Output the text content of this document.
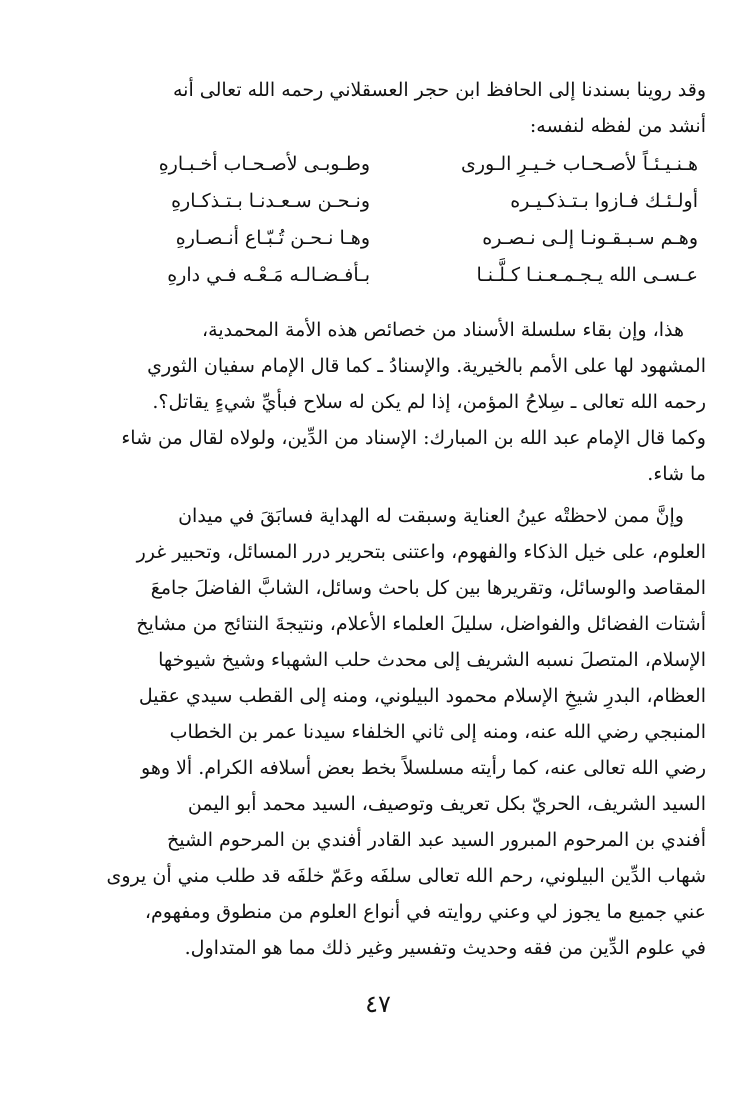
وقد روينا بسندنا إلى الحافظ ابن حجر العسقلاني رحمه الله تعالى أنه
أنشد من لفظه لنفسه:
هـنـيـئـاً لأصـحـاب خـيـرِ الـورى
وطـوبـى لأصـحـاب أخـبـارهِ
أولـئـك فـازوا بـتـذكـيـره
ونـحـن سـعـدنـا بـتـذكـارهِ
وهـم سـبـقـونـا إلـى نـصـره
وهـا نـحـن تُـبّـاع أنـصـارهِ
عـسـى الله يـجـمـعـنـا كـلَّـنـا
بـأفـضـالـه مَـعْـه فـي دارهِ
هذا، وإن بقاء سلسلة الأسناد من خصائص هذه الأمة المحمدية،
المشهود لها على الأمم بالخيرية. والإسنادُ ـ كما قال الإمام سفيان الثوري
رحمه الله تعالى ـ سِلاحُ المؤمن، إذا لم يكن له سلاح فبأيِّ شيءٍ يقاتل؟.
وكما قال الإمام عبد الله بن المبارك: الإسناد من الدِّين، ولولاه لقال من شاء
ما شاء.
وإنَّ ممن لاحظتْه عينُ العناية وسبقت له الهداية فسابَقَ في ميدان
العلوم، على خيل الذكاء والفهوم، واعتنى بتحرير درر المسائل، وتحبير غرر
المقاصد والوسائل، وتقريرها بين كل باحث وسائل، الشابَّ الفاضلَ جامعَ
أشتات الفضائل والفواضل، سليلَ العلماء الأعلام، ونتيجةَ النتائج من مشايخ
الإسلام، المتصلَ نسبه الشريف إلى محدث حلب الشهباء وشيخ شيوخها
العظام، البدرِ شيخِ الإسلام محمود البيلوني، ومنه إلى القطب سيدي عقيل
المنبجي رضي الله عنه، ومنه إلى ثاني الخلفاء سيدنا عمر بن الخطاب
رضي الله تعالى عنه، كما رأيته مسلسلاً بخط بعض أسلافه الكرام. ألا وهو
السيد الشريف، الحريّ بكل تعريف وتوصيف، السيد محمد أبو اليمن
أفندي بن المرحوم المبرور السيد عبد القادر أفندي بن المرحوم الشيخ
شهاب الدِّين البيلوني، رحم الله تعالى سلفَه وعَمّ خلفَه قد طلب مني أن يروى
عني جميع ما يجوز لي وعني روايته في أنواع العلوم من منطوق ومفهوم،
في علوم الدِّين من فقه وحديث وتفسير وغير ذلك مما هو المتداول.
٤٧
